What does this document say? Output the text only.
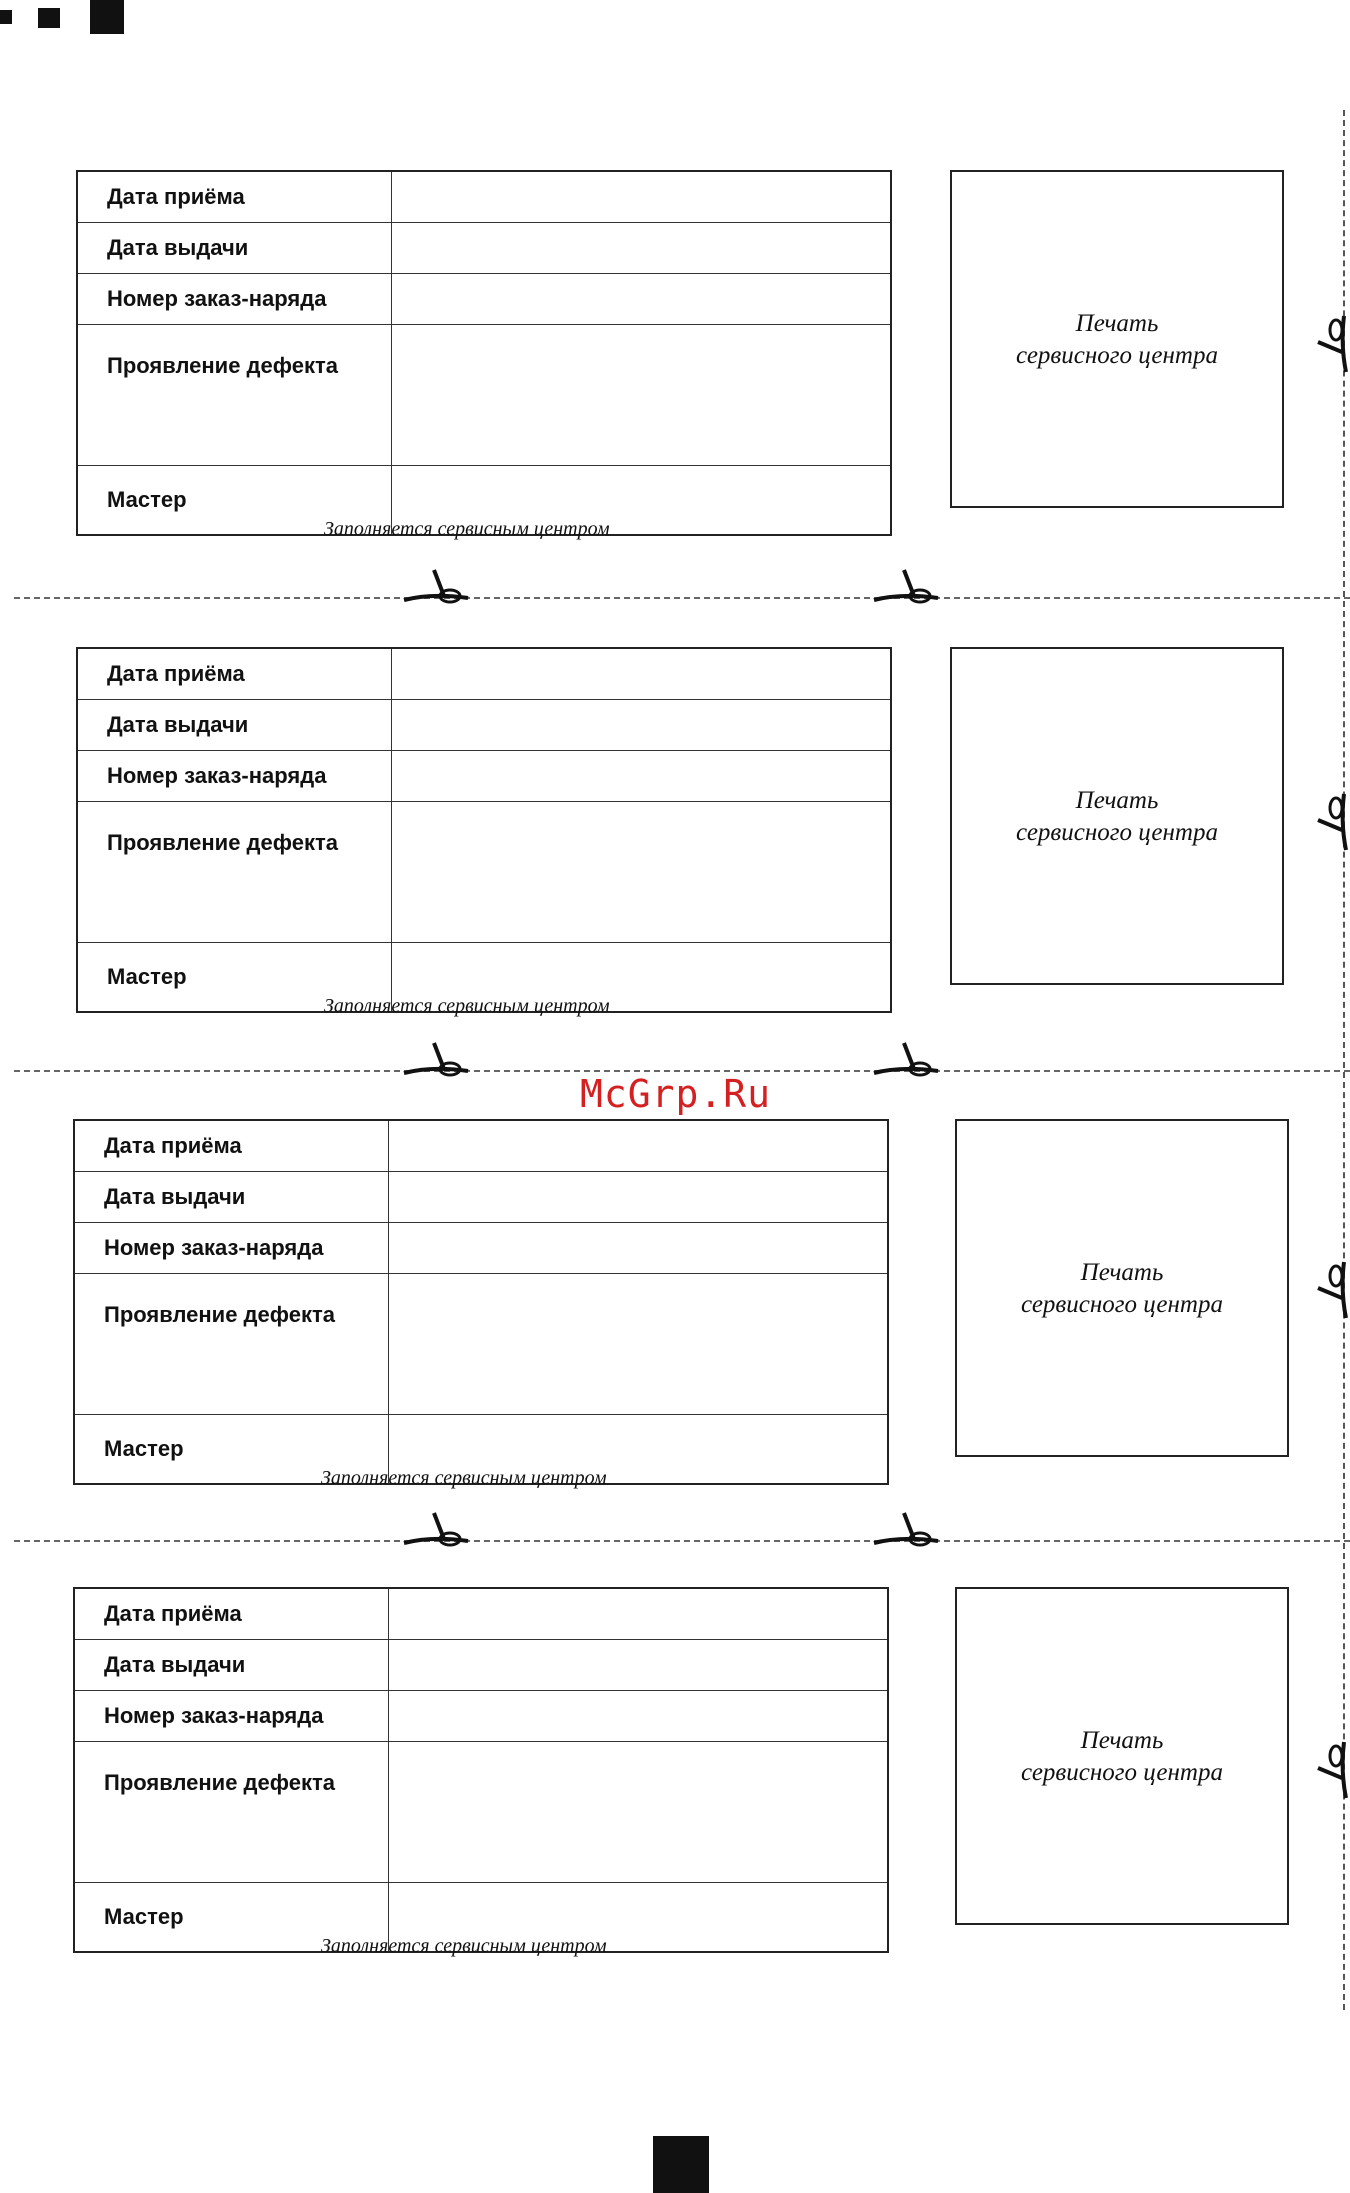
McGrp.Ru
Дата приёма	
Дата выдачи	
Номер заказ-наряда	
Проявление дефекта	
Мастер	
Печать
сервисного центра
Заполняется сервисным центром
Дата приёма	
Дата выдачи	
Номер заказ-наряда	
Проявление дефекта	
Мастер	
Печать
сервисного центра
Заполняется сервисным центром
Дата приёма	
Дата выдачи	
Номер заказ-наряда	
Проявление дефекта	
Мастер	
Печать
сервисного центра
Заполняется сервисным центром
Дата приёма	
Дата выдачи	
Номер заказ-наряда	
Проявление дефекта	
Мастер	
Печать
сервисного центра
Заполняется сервисным центром
